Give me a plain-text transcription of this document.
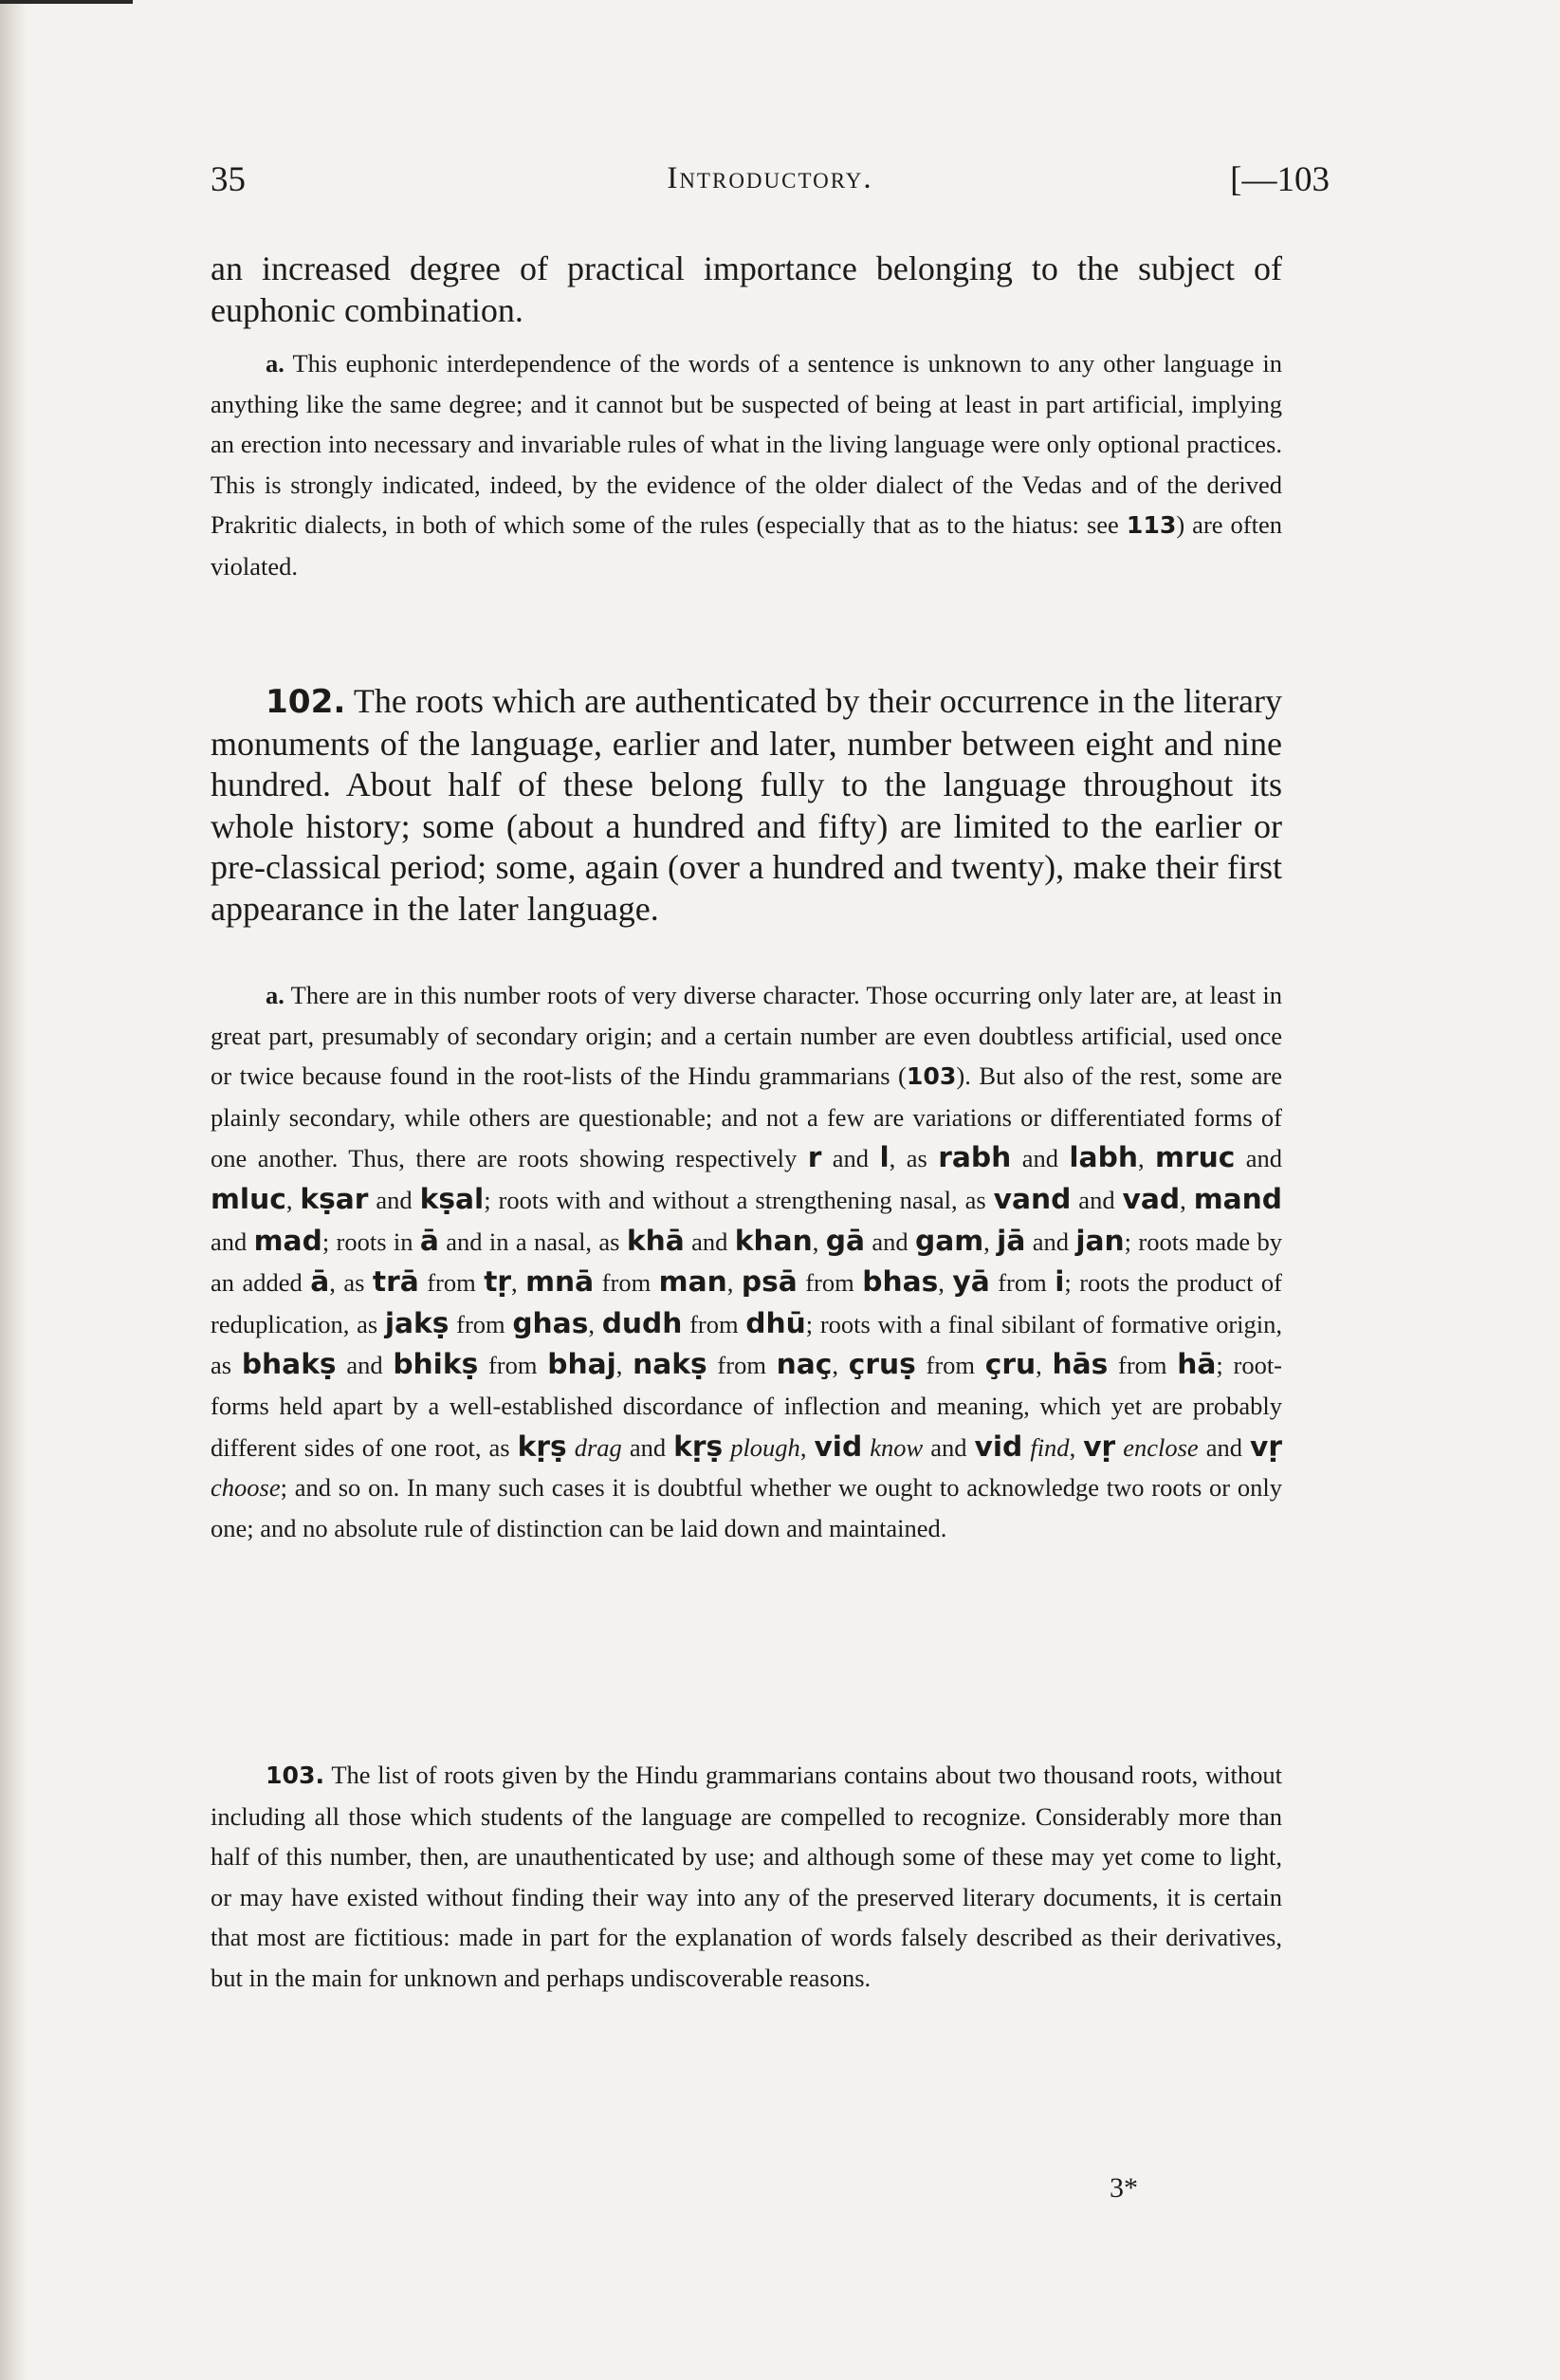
35	Introductory.	[—103

an increased degree of practical importance belonging to the subject of euphonic combination.

a. This euphonic interdependence of the words of a sentence is unknown to any other language in anything like the same degree; and it cannot but be suspected of being at least in part artificial, implying an erection into necessary and invariable rules of what in the living language were only optional practices. This is strongly indicated, indeed, by the evidence of the older dialect of the Vedas and of the derived Prakritic dialects, in both of which some of the rules (especially that as to the hiatus: see 113) are often violated.

102. The roots which are authenticated by their occurrence in the literary monuments of the language, earlier and later, number between eight and nine hundred. About half of these belong fully to the language throughout its whole history; some (about a hundred and fifty) are limited to the earlier or pre-classical period; some, again (over a hundred and twenty), make their first appearance in the later language.

a. There are in this number roots of very diverse character. Those occurring only later are, at least in great part, presumably of secondary origin; and a certain number are even doubtless artificial, used once or twice because found in the root-lists of the Hindu grammarians (103). But also of the rest, some are plainly secondary, while others are questionable; and not a few are variations or differentiated forms of one another. Thus, there are roots showing respectively r and l, as rabh and labh, mruc and mluc, kṣar and kṣal; roots with and without a strengthening nasal, as vand and vad, mand and mad; roots in ā and in a nasal, as khā and khan, gā and gam, jā and jan; roots made by an added ā, as trā from tṛ, mnā from man, psā from bhas, yā from i; roots the product of reduplication, as jakṣ from ghas, dudh from dhū; roots with a final sibilant of formative origin, as bhakṣ and bhikṣ from bhaj, nakṣ from naç, çruṣ from çru, hās from hā; root-forms held apart by a well-established discordance of inflection and meaning, which yet are probably different sides of one root, as kṛṣ drag and kṛṣ plough, vid know and vid find, vṛ enclose and vṛ choose; and so on. In many such cases it is doubtful whether we ought to acknowledge two roots or only one; and no absolute rule of distinction can be laid down and maintained.

103. The list of roots given by the Hindu grammarians contains about two thousand roots, without including all those which students of the language are compelled to recognize. Considerably more than half of this number, then, are unauthenticated by use; and although some of these may yet come to light, or may have existed without finding their way into any of the preserved literary documents, it is certain that most are fictitious: made in part for the explanation of words falsely described as their derivatives, but in the main for unknown and perhaps undiscoverable reasons.

3*
